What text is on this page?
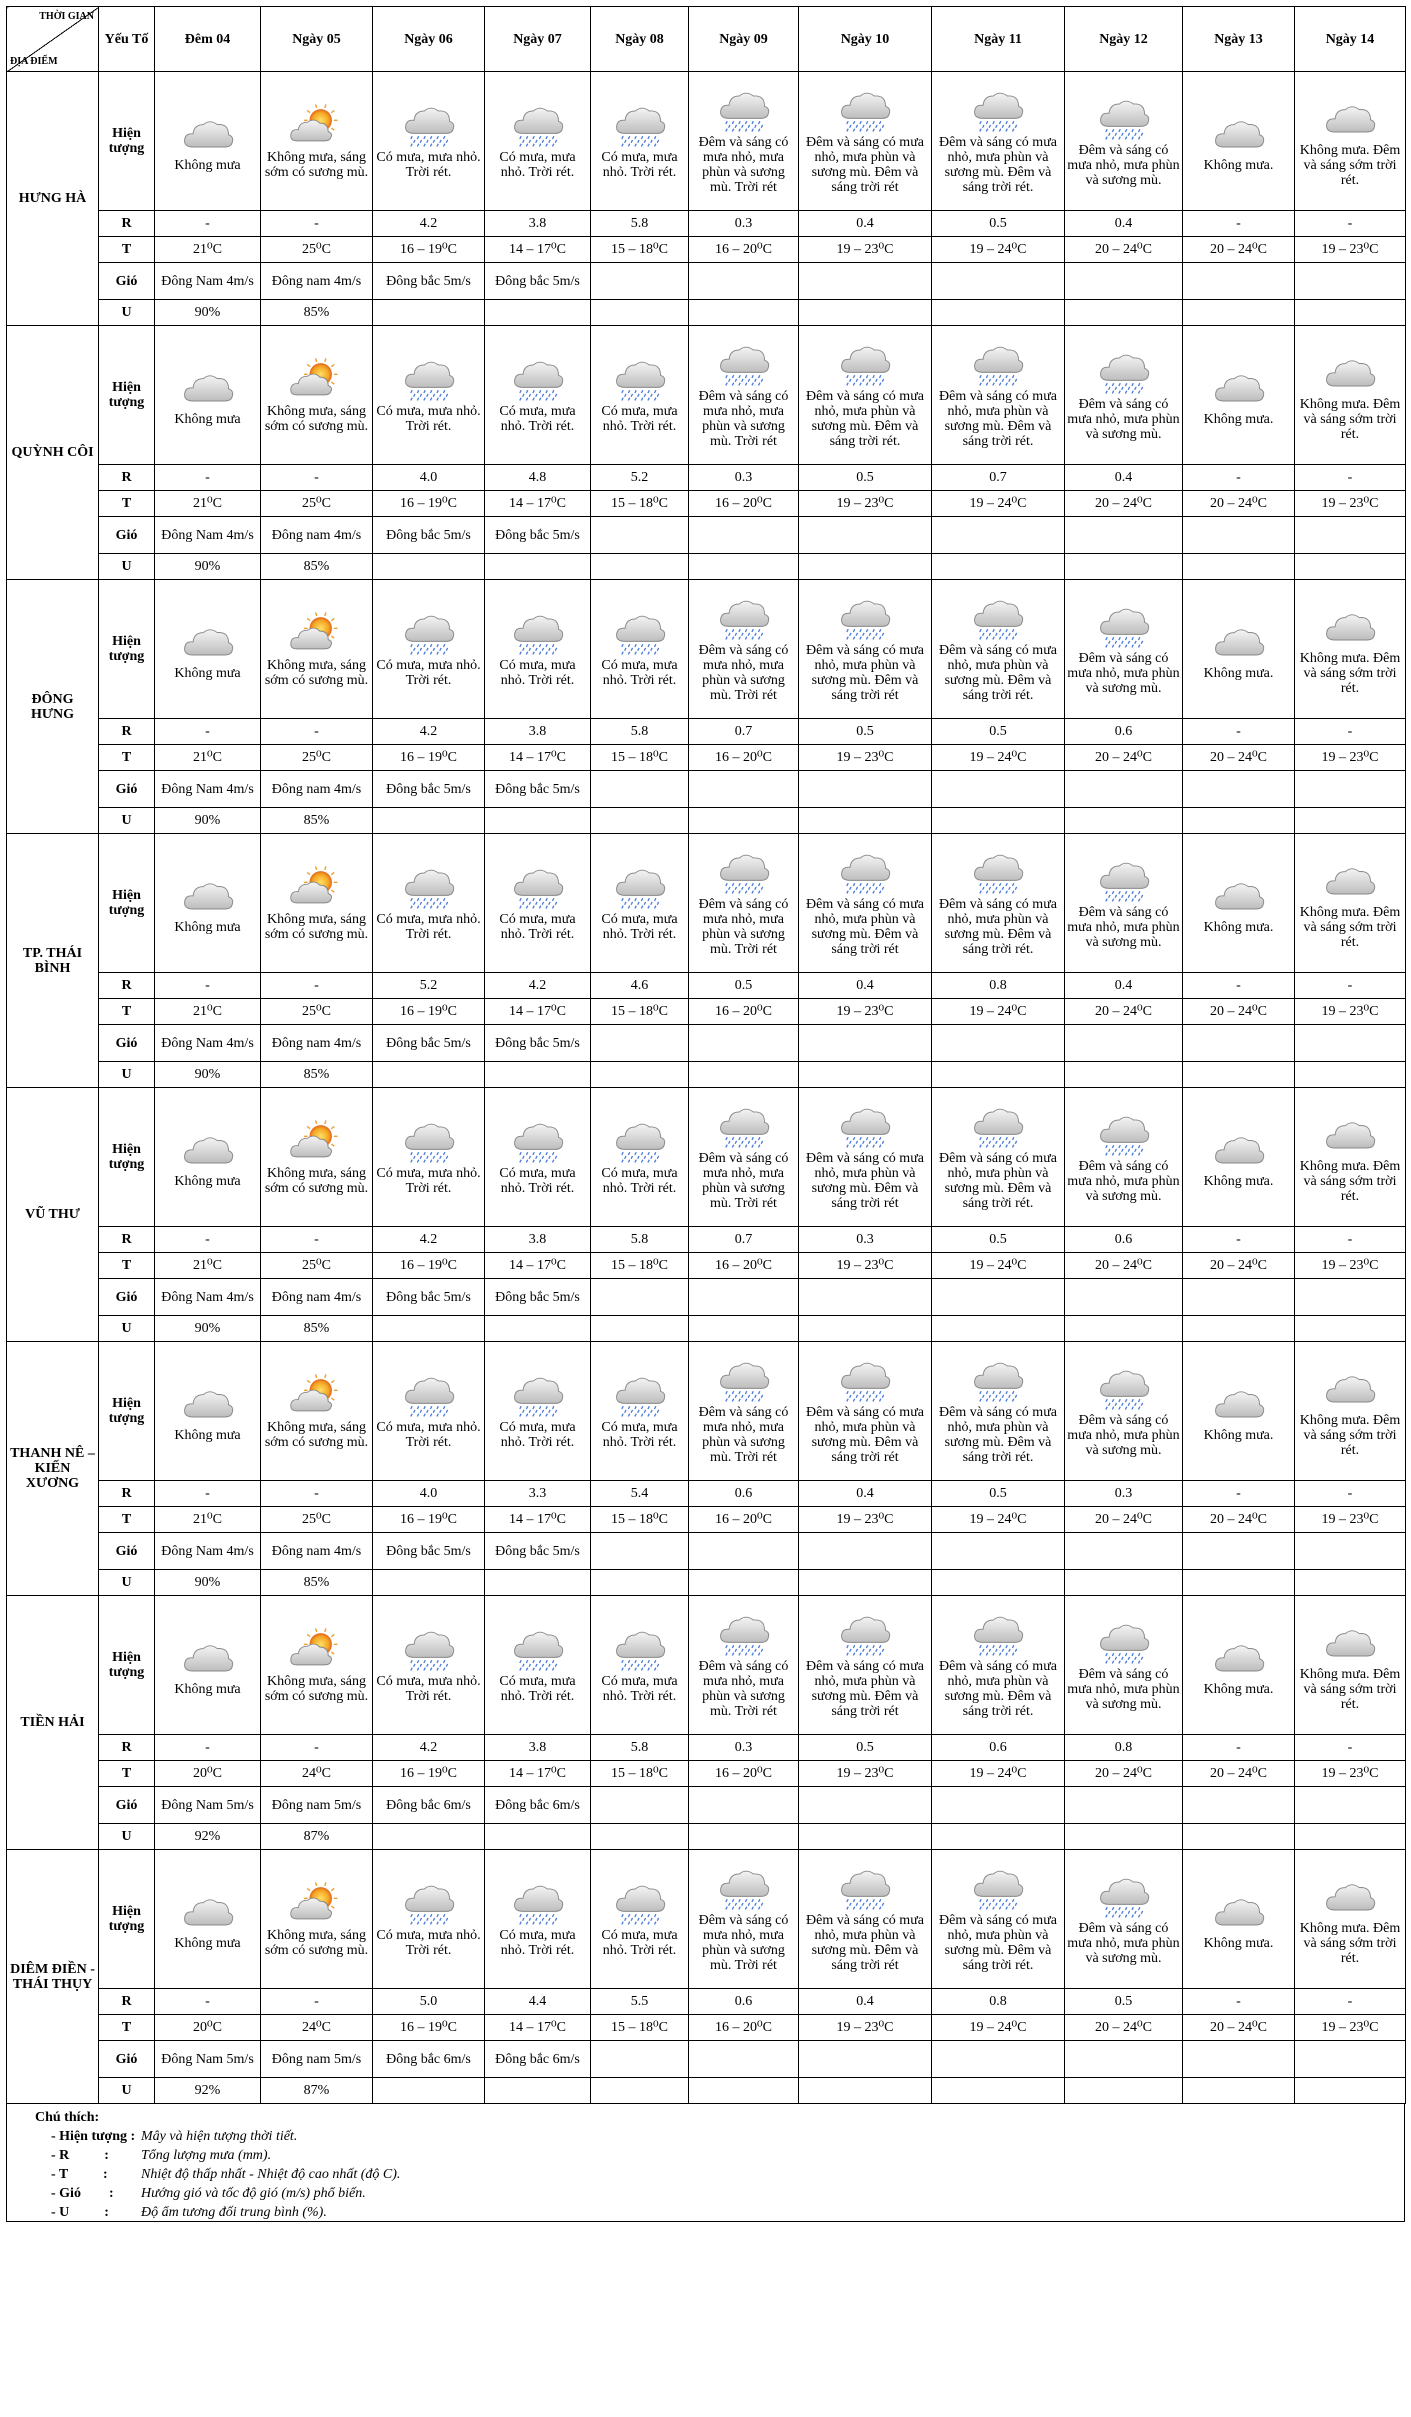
THỜI GIAN
ĐỊA ĐIỂM	Yếu Tố	Đêm 04	Ngày 05	Ngày 06	Ngày 07	Ngày 08	Ngày 09	Ngày 10	Ngày 11	Ngày 12	Ngày 13	Ngày 14
HƯNG HÀ	Hiện tượng	Không mưa	Không mưa, sáng sớm có sương mù.	Có mưa, mưa nhỏ. Trời rét.	Có mưa, mưa nhỏ. Trời rét.	Có mưa, mưa nhỏ. Trời rét.	Đêm và sáng có mưa nhỏ, mưa phùn và sương mù. Trời rét	Đêm và sáng có mưa nhỏ, mưa phùn và sương mù. Đêm và sáng trời rét	Đêm và sáng có mưa nhỏ, mưa phùn và sương mù. Đêm và sáng trời rét.	Đêm và sáng có mưa nhỏ, mưa phùn và sương mù.	Không mưa.	Không mưa. Đêm và sáng sớm trời rét.

	R	-	-	4.2	3.8	5.8	0.3	0.4	0.5	0.4	-	-
	T	21⁰C	25⁰C	16 – 19⁰C	14 – 17⁰C	15 – 18⁰C	16 – 20⁰C	19 – 23⁰C	19 – 24⁰C	20 – 24⁰C	20 – 24⁰C	19 – 23⁰C
	Gió	Đông Nam 4m/s	Đông nam 4m/s	Đông bắc 5m/s	Đông bắc 5m/s							
	U	90%	85%									
QUỲNH CÔI	Hiện tượng	Không mưa	Không mưa, sáng sớm có sương mù.	Có mưa, mưa nhỏ. Trời rét.	Có mưa, mưa nhỏ. Trời rét.	Có mưa, mưa nhỏ. Trời rét.	Đêm và sáng có mưa nhỏ, mưa phùn và sương mù. Trời rét	Đêm và sáng có mưa nhỏ, mưa phùn và sương mù. Đêm và sáng trời rét.	Đêm và sáng có mưa nhỏ, mưa phùn và sương mù. Đêm và sáng trời rét.	Đêm và sáng có mưa nhỏ, mưa phùn và sương mù.	Không mưa.	Không mưa. Đêm và sáng sớm trời rét.

	R	-	-	4.0	4.8	5.2	0.3	0.5	0.7	0.4	-	-
	T	21⁰C	25⁰C	16 – 19⁰C	14 – 17⁰C	15 – 18⁰C	16 – 20⁰C	19 – 23⁰C	19 – 24⁰C	20 – 24⁰C	20 – 24⁰C	19 – 23⁰C
	Gió	Đông Nam 4m/s	Đông nam 4m/s	Đông bắc 5m/s	Đông bắc 5m/s							
	U	90%	85%									
ĐÔNG HƯNG	Hiện tượng	Không mưa	Không mưa, sáng sớm có sương mù.	Có mưa, mưa nhỏ. Trời rét.	Có mưa, mưa nhỏ. Trời rét.	Có mưa, mưa nhỏ. Trời rét.	Đêm và sáng có mưa nhỏ, mưa phùn và sương mù. Trời rét	Đêm và sáng có mưa nhỏ, mưa phùn và sương mù. Đêm và sáng trời rét	Đêm và sáng có mưa nhỏ, mưa phùn và sương mù. Đêm và sáng trời rét.	Đêm và sáng có mưa nhỏ, mưa phùn và sương mù.	Không mưa.	Không mưa. Đêm và sáng sớm trời rét.

	R	-	-	4.2	3.8	5.8	0.7	0.5	0.5	0.6	-	-
	T	21⁰C	25⁰C	16 – 19⁰C	14 – 17⁰C	15 – 18⁰C	16 – 20⁰C	19 – 23⁰C	19 – 24⁰C	20 – 24⁰C	20 – 24⁰C	19 – 23⁰C
	Gió	Đông Nam 4m/s	Đông nam 4m/s	Đông bắc 5m/s	Đông bắc 5m/s							
	U	90%	85%									
TP. THÁI BÌNH	Hiện tượng	Không mưa	Không mưa, sáng sớm có sương mù.	Có mưa, mưa nhỏ. Trời rét.	Có mưa, mưa nhỏ. Trời rét.	Có mưa, mưa nhỏ. Trời rét.	Đêm và sáng có mưa nhỏ, mưa phùn và sương mù. Trời rét	Đêm và sáng có mưa nhỏ, mưa phùn và sương mù. Đêm và sáng trời rét	Đêm và sáng có mưa nhỏ, mưa phùn và sương mù. Đêm và sáng trời rét.	Đêm và sáng có mưa nhỏ, mưa phùn và sương mù.	Không mưa.	Không mưa. Đêm và sáng sớm trời rét.

	R	-	-	5.2	4.2	4.6	0.5	0.4	0.8	0.4	-	-
	T	21⁰C	25⁰C	16 – 19⁰C	14 – 17⁰C	15 – 18⁰C	16 – 20⁰C	19 – 23⁰C	19 – 24⁰C	20 – 24⁰C	20 – 24⁰C	19 – 23⁰C
	Gió	Đông Nam 4m/s	Đông nam 4m/s	Đông bắc 5m/s	Đông bắc 5m/s							
	U	90%	85%									
VŨ THƯ	Hiện tượng	Không mưa	Không mưa, sáng sớm có sương mù.	Có mưa, mưa nhỏ. Trời rét.	Có mưa, mưa nhỏ. Trời rét.	Có mưa, mưa nhỏ. Trời rét.	Đêm và sáng có mưa nhỏ, mưa phùn và sương mù. Trời rét	Đêm và sáng có mưa nhỏ, mưa phùn và sương mù. Đêm và sáng trời rét	Đêm và sáng có mưa nhỏ, mưa phùn và sương mù. Đêm và sáng trời rét.	Đêm và sáng có mưa nhỏ, mưa phùn và sương mù.	Không mưa.	Không mưa. Đêm và sáng sớm trời rét.

	R	-	-	4.2	3.8	5.8	0.7	0.3	0.5	0.6	-	-
	T	21⁰C	25⁰C	16 – 19⁰C	14 – 17⁰C	15 – 18⁰C	16 – 20⁰C	19 – 23⁰C	19 – 24⁰C	20 – 24⁰C	20 – 24⁰C	19 – 23⁰C
	Gió	Đông Nam 4m/s	Đông nam 4m/s	Đông bắc 5m/s	Đông bắc 5m/s							
	U	90%	85%									
THANH NÊ – KIẾN XƯƠNG	Hiện tượng	Không mưa	Không mưa, sáng sớm có sương mù.	Có mưa, mưa nhỏ. Trời rét.	Có mưa, mưa nhỏ. Trời rét.	Có mưa, mưa nhỏ. Trời rét.	Đêm và sáng có mưa nhỏ, mưa phùn và sương mù. Trời rét	Đêm và sáng có mưa nhỏ, mưa phùn và sương mù. Đêm và sáng trời rét	Đêm và sáng có mưa nhỏ, mưa phùn và sương mù. Đêm và sáng trời rét.	Đêm và sáng có mưa nhỏ, mưa phùn và sương mù.	Không mưa.	Không mưa. Đêm và sáng sớm trời rét.

	R	-	-	4.0	3.3	5.4	0.6	0.4	0.5	0.3	-	-
	T	21⁰C	25⁰C	16 – 19⁰C	14 – 17⁰C	15 – 18⁰C	16 – 20⁰C	19 – 23⁰C	19 – 24⁰C	20 – 24⁰C	20 – 24⁰C	19 – 23⁰C
	Gió	Đông Nam 4m/s	Đông nam 4m/s	Đông bắc 5m/s	Đông bắc 5m/s							
	U	90%	85%									
TIỀN HẢI	Hiện tượng	Không mưa	Không mưa, sáng sớm có sương mù.	Có mưa, mưa nhỏ. Trời rét.	Có mưa, mưa nhỏ. Trời rét.	Có mưa, mưa nhỏ. Trời rét.	Đêm và sáng có mưa nhỏ, mưa phùn và sương mù. Trời rét	Đêm và sáng có mưa nhỏ, mưa phùn và sương mù. Đêm và sáng trời rét	Đêm và sáng có mưa nhỏ, mưa phùn và sương mù. Đêm và sáng trời rét.	Đêm và sáng có mưa nhỏ, mưa phùn và sương mù.	Không mưa.	Không mưa. Đêm và sáng sớm trời rét.

	R	-	-	4.2	3.8	5.8	0.3	0.5	0.6	0.8	-	-
	T	20⁰C	24⁰C	16 – 19⁰C	14 – 17⁰C	15 – 18⁰C	16 – 20⁰C	19 – 23⁰C	19 – 24⁰C	20 – 24⁰C	20 – 24⁰C	19 – 23⁰C
	Gió	Đông Nam 5m/s	Đông nam 5m/s	Đông bắc 6m/s	Đông bắc 6m/s							
	U	92%	87%									
DIÊM ĐIỀN - THÁI THỤY	Hiện tượng	Không mưa	Không mưa, sáng sớm có sương mù.	Có mưa, mưa nhỏ. Trời rét.	Có mưa, mưa nhỏ. Trời rét.	Có mưa, mưa nhỏ. Trời rét.	Đêm và sáng có mưa nhỏ, mưa phùn và sương mù. Trời rét	Đêm và sáng có mưa nhỏ, mưa phùn và sương mù. Đêm và sáng trời rét	Đêm và sáng có mưa nhỏ, mưa phùn và sương mù. Đêm và sáng trời rét.	Đêm và sáng có mưa nhỏ, mưa phùn và sương mù.	Không mưa.	Không mưa. Đêm và sáng sớm trời rét.

	R	-	-	5.0	4.4	5.5	0.6	0.4	0.8	0.5	-	-
	T	20⁰C	24⁰C	16 – 19⁰C	14 – 17⁰C	15 – 18⁰C	16 – 20⁰C	19 – 23⁰C	19 – 24⁰C	20 – 24⁰C	20 – 24⁰C	19 – 23⁰C
	Gió	Đông Nam 5m/s	Đông nam 5m/s	Đông bắc 6m/s	Đông bắc 6m/s							
	U	92%	87%									
Chú thích:
- Hiện tượng : Mây và hiện tượng thời tiết.
- R          :	Tổng lượng mưa (mm).
- T          :	Nhiệt độ thấp nhất - Nhiệt độ cao nhất (độ C).
- Gió        :	Hướng gió và tốc độ gió (m/s) phổ biến.
- U          :	Độ ẩm tương đối trung bình (%).
